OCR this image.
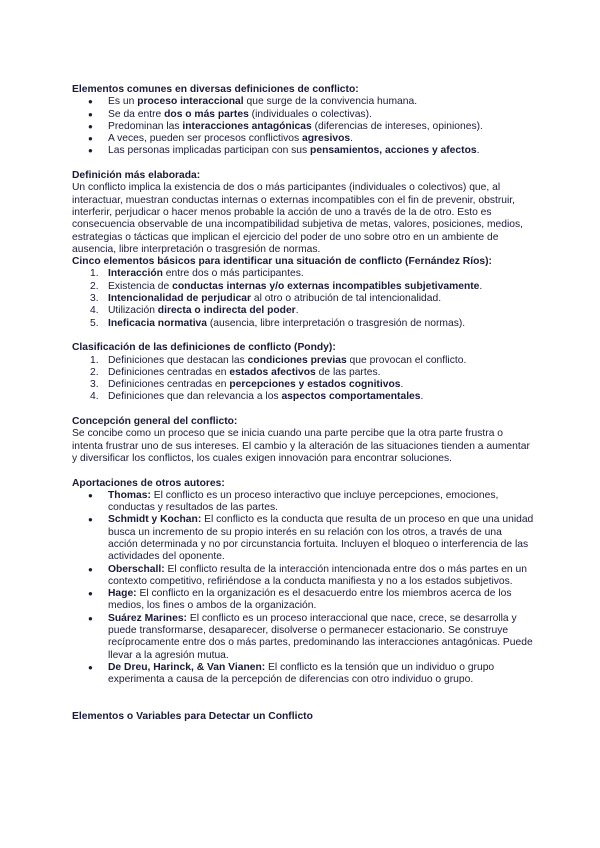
Elementos comunes en diversas definiciones de conflicto:
● Es un proceso interaccional que surge de la convivencia humana.
● Se da entre dos o más partes (individuales o colectivas).
● Predominan las interacciones antagónicas (diferencias de intereses, opiniones).
● A veces, pueden ser procesos conflictivos agresivos.
● Las personas implicadas participan con sus pensamientos, acciones y afectos.
Definición más elaborada:

Un conflicto implica la existencia de dos o más participantes (individuales o colectivos) que, al interactuar, muestran conductas internas o externas incompatibles con el fin de prevenir, obstruir, interferir, perjudicar o hacer menos probable la acción de uno a través de la de otro. Esto es consecuencia observable de una incompatibilidad subjetiva de metas, valores, posiciones, medios, estrategias o tácticas que implican el ejercicio del poder de uno sobre otro en un ambiente de ausencia, libre interpretación o trasgresión de normas.

Cinco elementos básicos para identificar una situación de conflicto (Fernández Ríos):
1. Interacción entre dos o más participantes.
2. Existencia de conductas internas y/o externas incompatibles subjetivamente.
3. Intencionalidad de perjudicar al otro o atribución de tal intencionalidad.
4. Utilización directa o indirecta del poder.
5. Ineficacia normativa (ausencia, libre interpretación o trasgresión de normas).
Clasificación de las definiciones de conflicto (Pondy):
1. Definiciones que destacan las condiciones previas que provocan el conflicto.
2. Definiciones centradas en estados afectivos de las partes.
3. Definiciones centradas en percepciones y estados cognitivos.
4. Definiciones que dan relevancia a los aspectos comportamentales.
Concepción general del conflicto:

Se concibe como un proceso que se inicia cuando una parte percibe que la otra parte frustra o intenta frustrar uno de sus intereses. El cambio y la alteración de las situaciones tienden a aumentar y diversificar los conflictos, los cuales exigen innovación para encontrar soluciones.

Aportaciones de otros autores:
● Thomas: El conflicto es un proceso interactivo que incluye percepciones, emociones, conductas y resultados de las partes.
● Schmidt y Kochan: El conflicto es la conducta que resulta de un proceso en que una unidad busca un incremento de su propio interés en su relación con los otros, a través de una acción determinada y no por circunstancia fortuita. Incluyen el bloqueo o interferencia de las actividades del oponente.
● Oberschall: El conflicto resulta de la interacción intencionada entre dos o más partes en un contexto competitivo, refiriéndose a la conducta manifiesta y no a los estados subjetivos.
● Hage: El conflicto en la organización es el desacuerdo entre los miembros acerca de los medios, los fines o ambos de la organización.
● Suárez Marines: El conflicto es un proceso interaccional que nace, crece, se desarrolla y puede transformarse, desaparecer, disolverse o permanecer estacionario. Se construye recíprocamente entre dos o más partes, predominando las interacciones antagónicas. Puede llevar a la agresión mutua.
● De Dreu, Harinck, & Van Vianen: El conflicto es la tensión que un individuo o grupo experimenta a causa de la percepción de diferencias con otro individuo o grupo.
Elementos o Variables para Detectar un Conflicto
